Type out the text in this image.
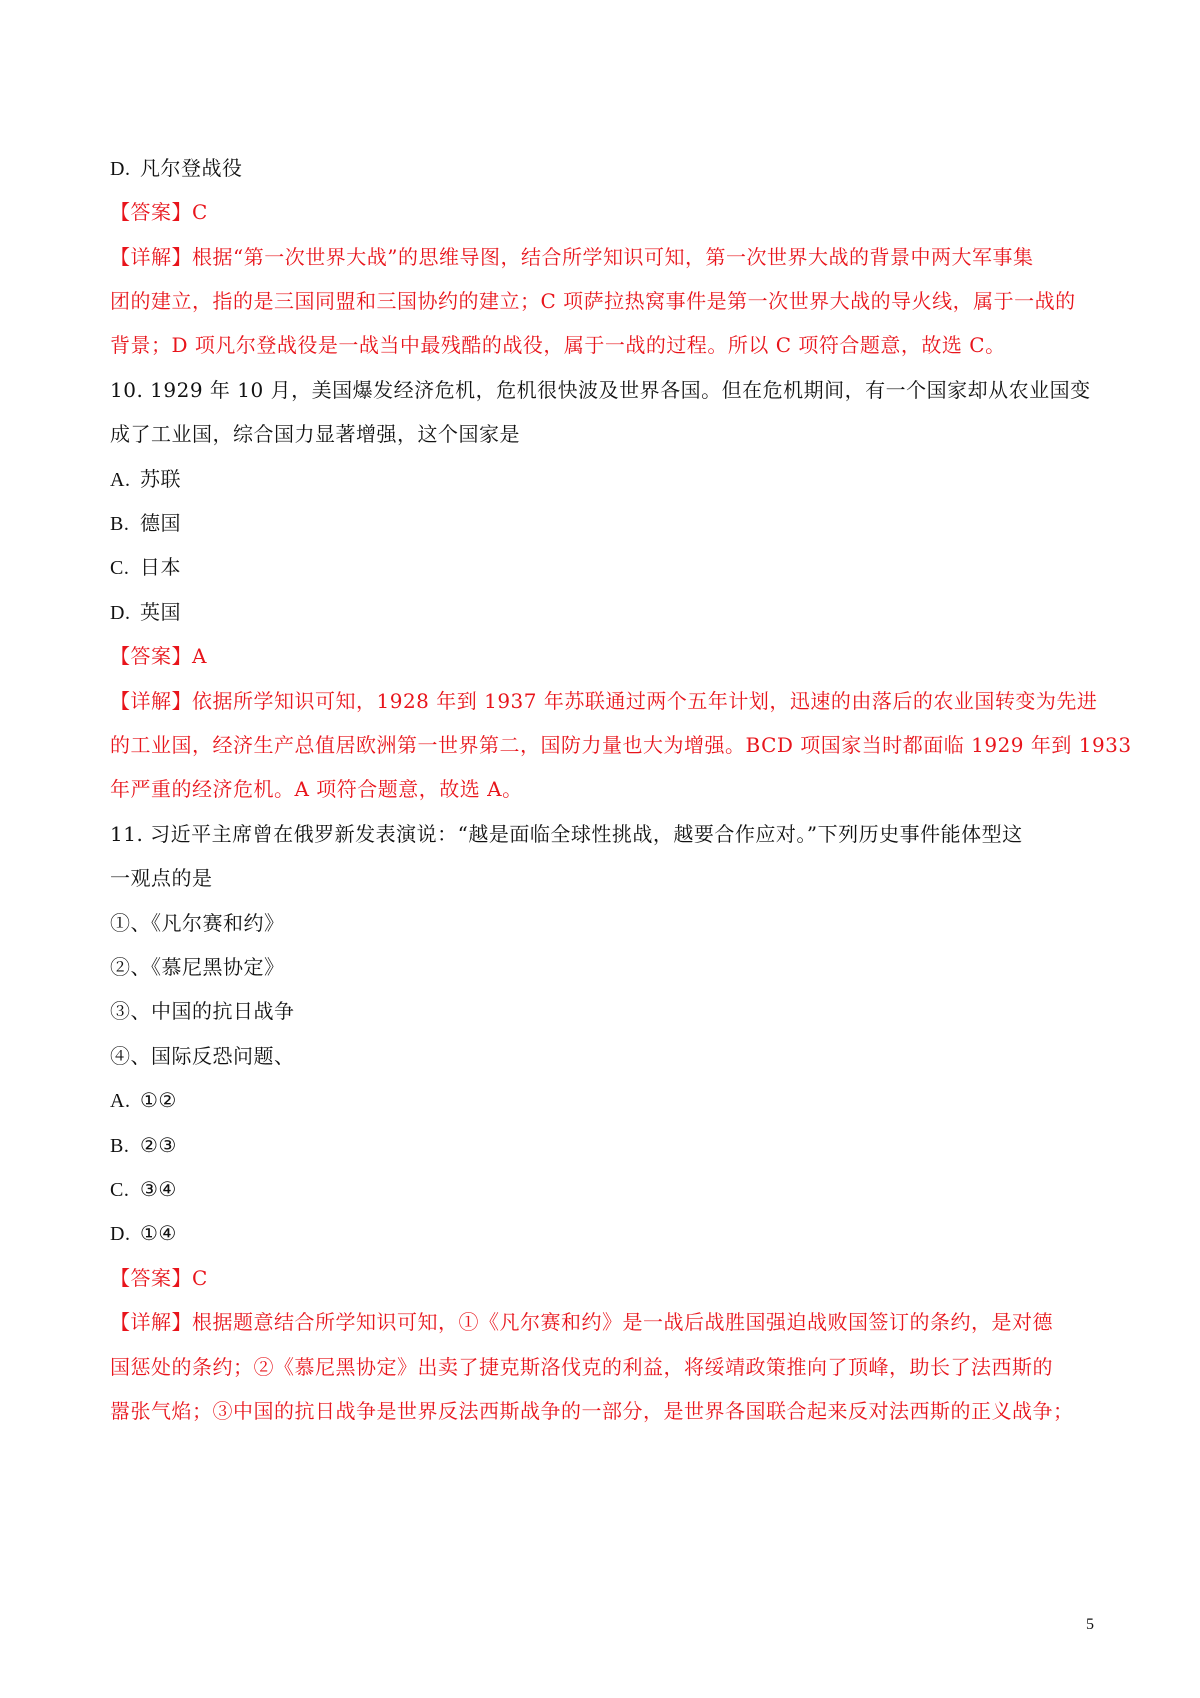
D. 凡尔登战役
【答案】C
【详解】根据“第一次世界大战”的思维导图，结合所学知识可知，第一次世界大战的背景中两大军事集
团的建立，指的是三国同盟和三国协约的建立；C 项萨拉热窝事件是第一次世界大战的导火线，属于一战的
背景；D 项凡尔登战役是一战当中最残酷的战役，属于一战的过程。所以 C 项符合题意，故选 C。
10. 1929 年 10 月，美国爆发经济危机，危机很快波及世界各国。但在危机期间，有一个国家却从农业国变
成了工业国，综合国力显著增强，这个国家是
A. 苏联
B. 德国
C. 日本
D. 英国
【答案】A
【详解】依据所学知识可知，1928 年到 1937 年苏联通过两个五年计划，迅速的由落后的农业国转变为先进
的工业国，经济生产总值居欧洲第一世界第二，国防力量也大为增强。BCD 项国家当时都面临 1929 年到 1933
年严重的经济危机。A 项符合题意，故选 A。
11. 习近平主席曾在俄罗新发表演说：“越是面临全球性挑战，越要合作应对。”下列历史事件能体型这
一观点的是
①、《凡尔赛和约》
②、《慕尼黑协定》
③、中国的抗日战争
④、国际反恐问题、
A. ①②
B. ②③
C. ③④
D. ①④
【答案】C
【详解】根据题意结合所学知识可知，①《凡尔赛和约》是一战后战胜国强迫战败国签订的条约，是对德
国惩处的条约；②《慕尼黑协定》出卖了捷克斯洛伐克的利益，将绥靖政策推向了顶峰，助长了法西斯的
嚣张气焰；③中国的抗日战争是世界反法西斯战争的一部分，是世界各国联合起来反对法西斯的正义战争；
5
